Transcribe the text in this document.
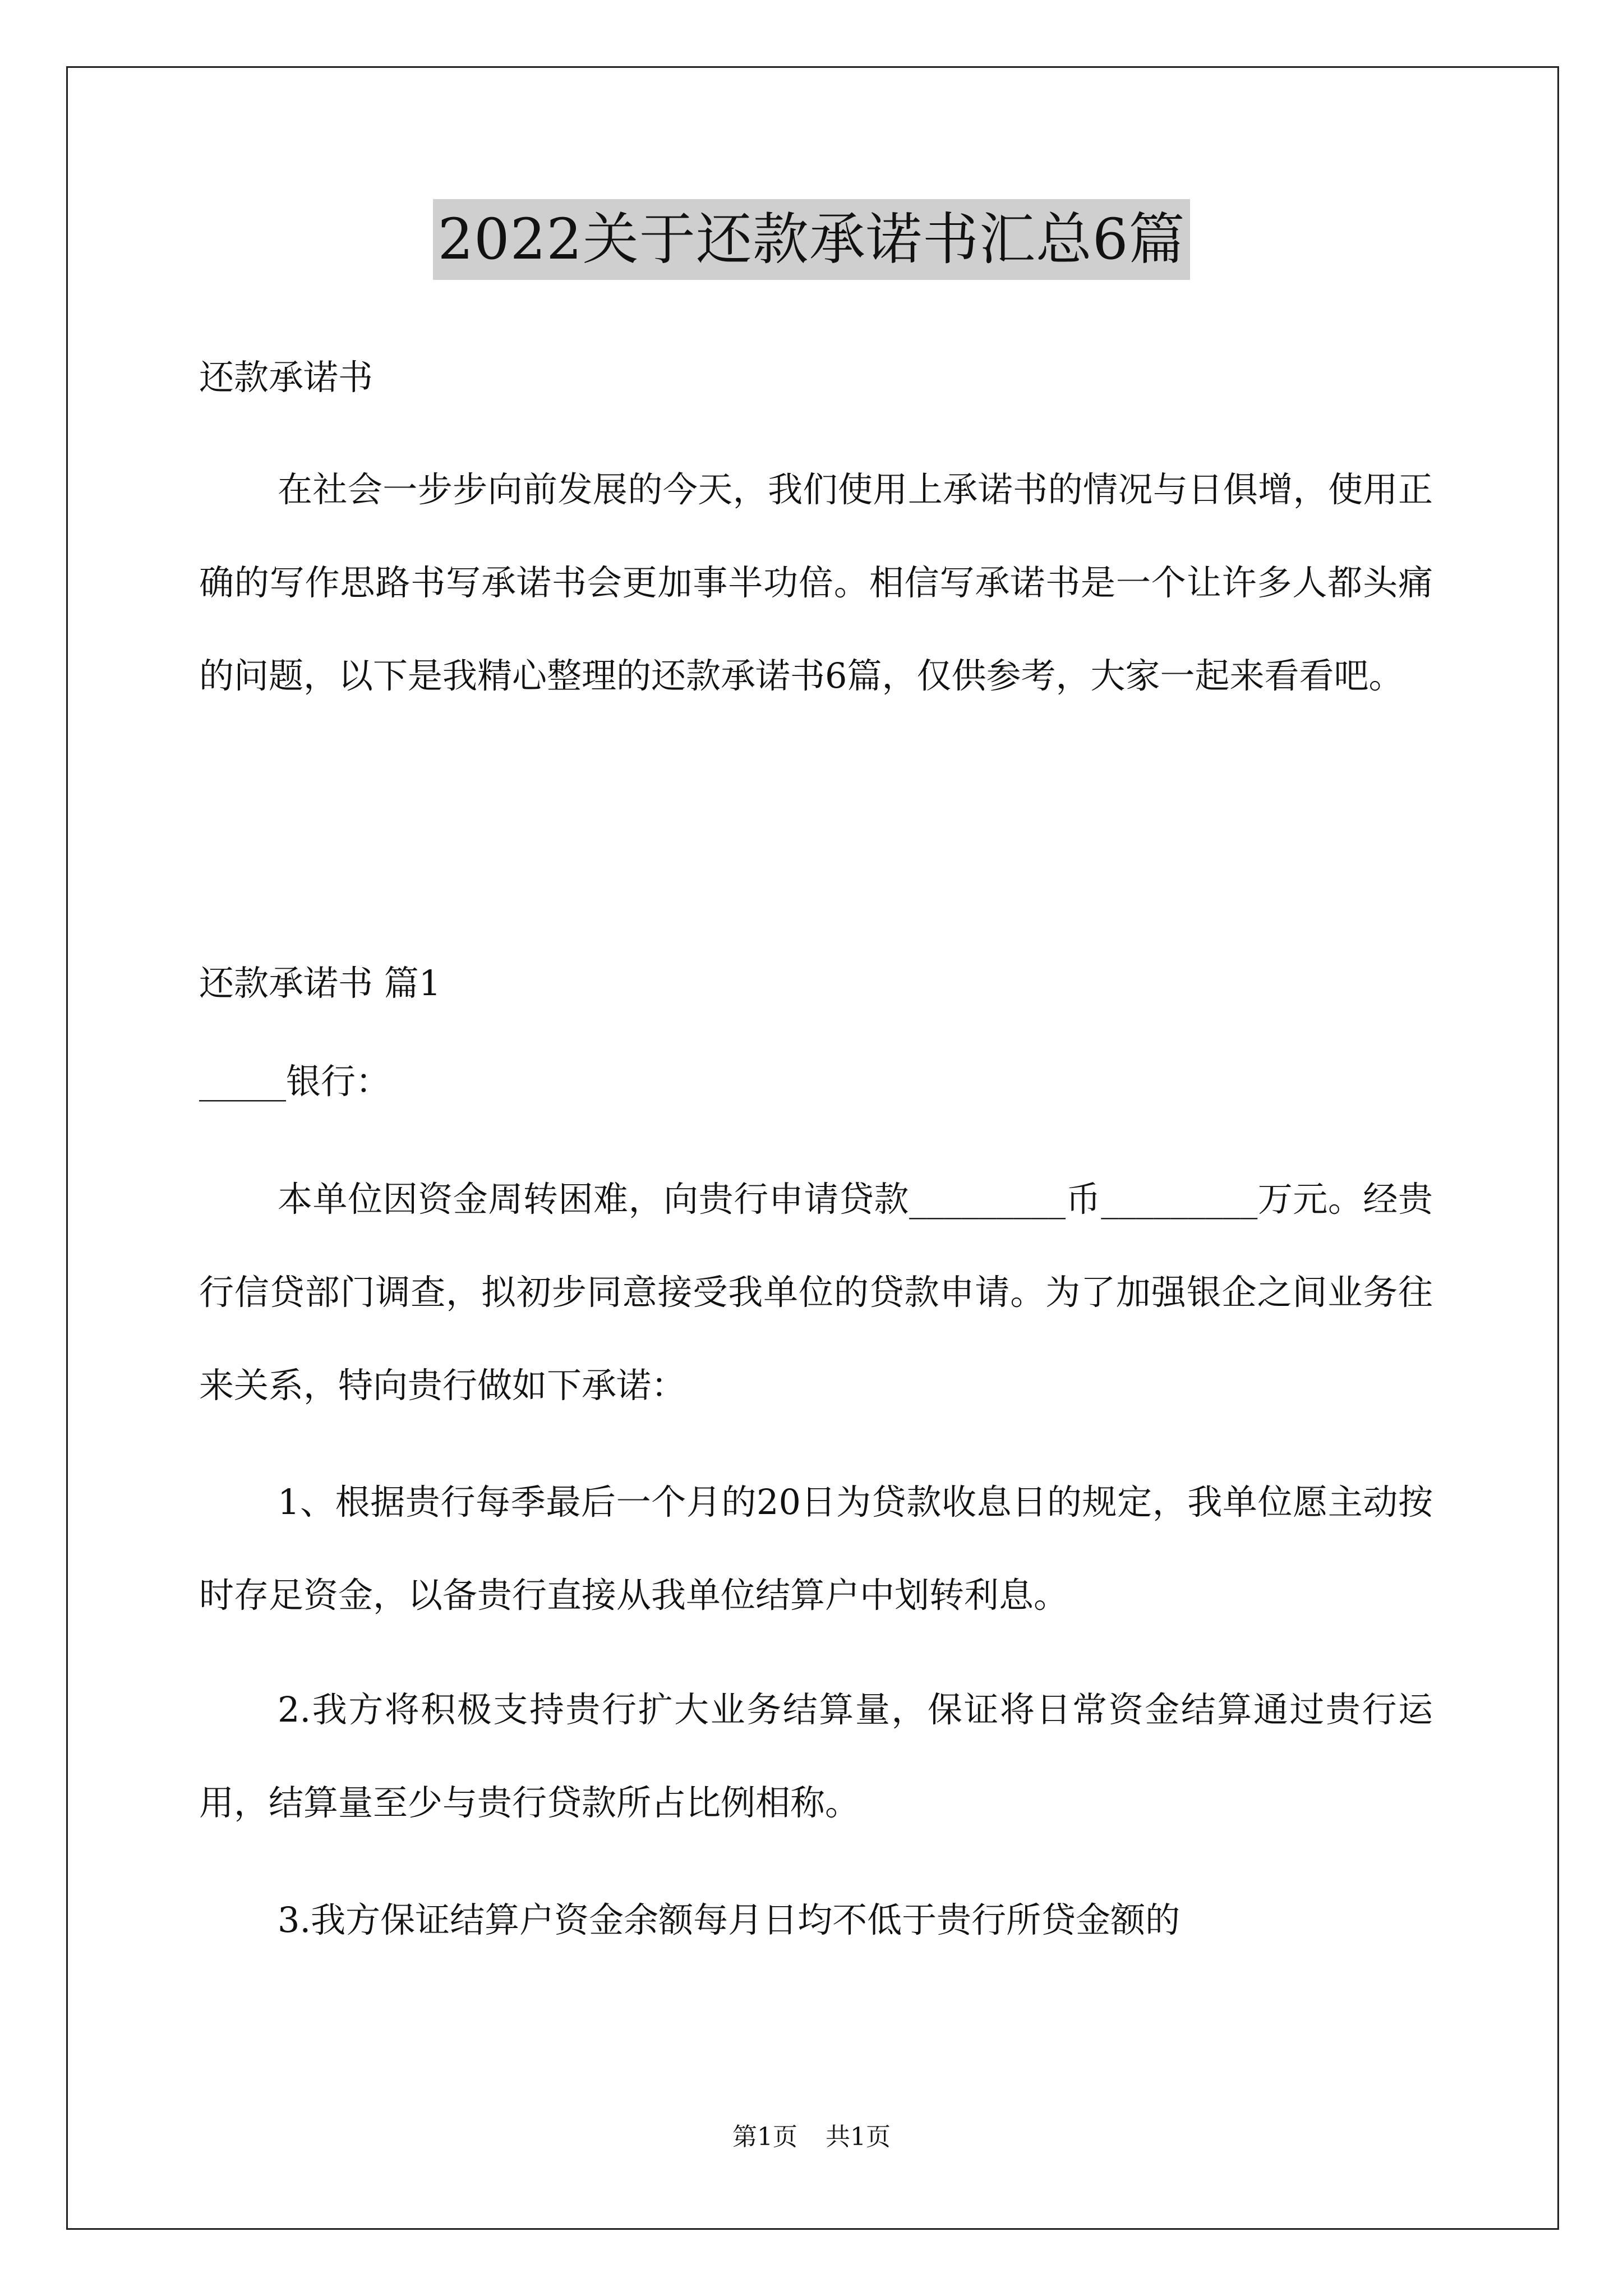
2022关于还款承诺书汇总6篇

还款承诺书

在社会一步步向前发展的今天，我们使用上承诺书的情况与日俱增，使用正确的写作思路书写承诺书会更加事半功倍。相信写承诺书是一个让许多人都头痛的问题，以下是我精心整理的还款承诺书6篇，仅供参考，大家一起来看看吧。

还款承诺书 篇1

_____银行：

本单位因资金周转困难，向贵行申请贷款_________币_________万元。经贵行信贷部门调查，拟初步同意接受我单位的贷款申请。为了加强银企之间业务往来关系，特向贵行做如下承诺：

1、根据贵行每季最后一个月的20日为贷款收息日的规定，我单位愿主动按时存足资金，以备贵行直接从我单位结算户中划转利息。

2.我方将积极支持贵行扩大业务结算量，保证将日常资金结算通过贵行运用，结算量至少与贵行贷款所占比例相称。

3.我方保证结算户资金余额每月日均不低于贵行所贷金额的

第1页 共1页
